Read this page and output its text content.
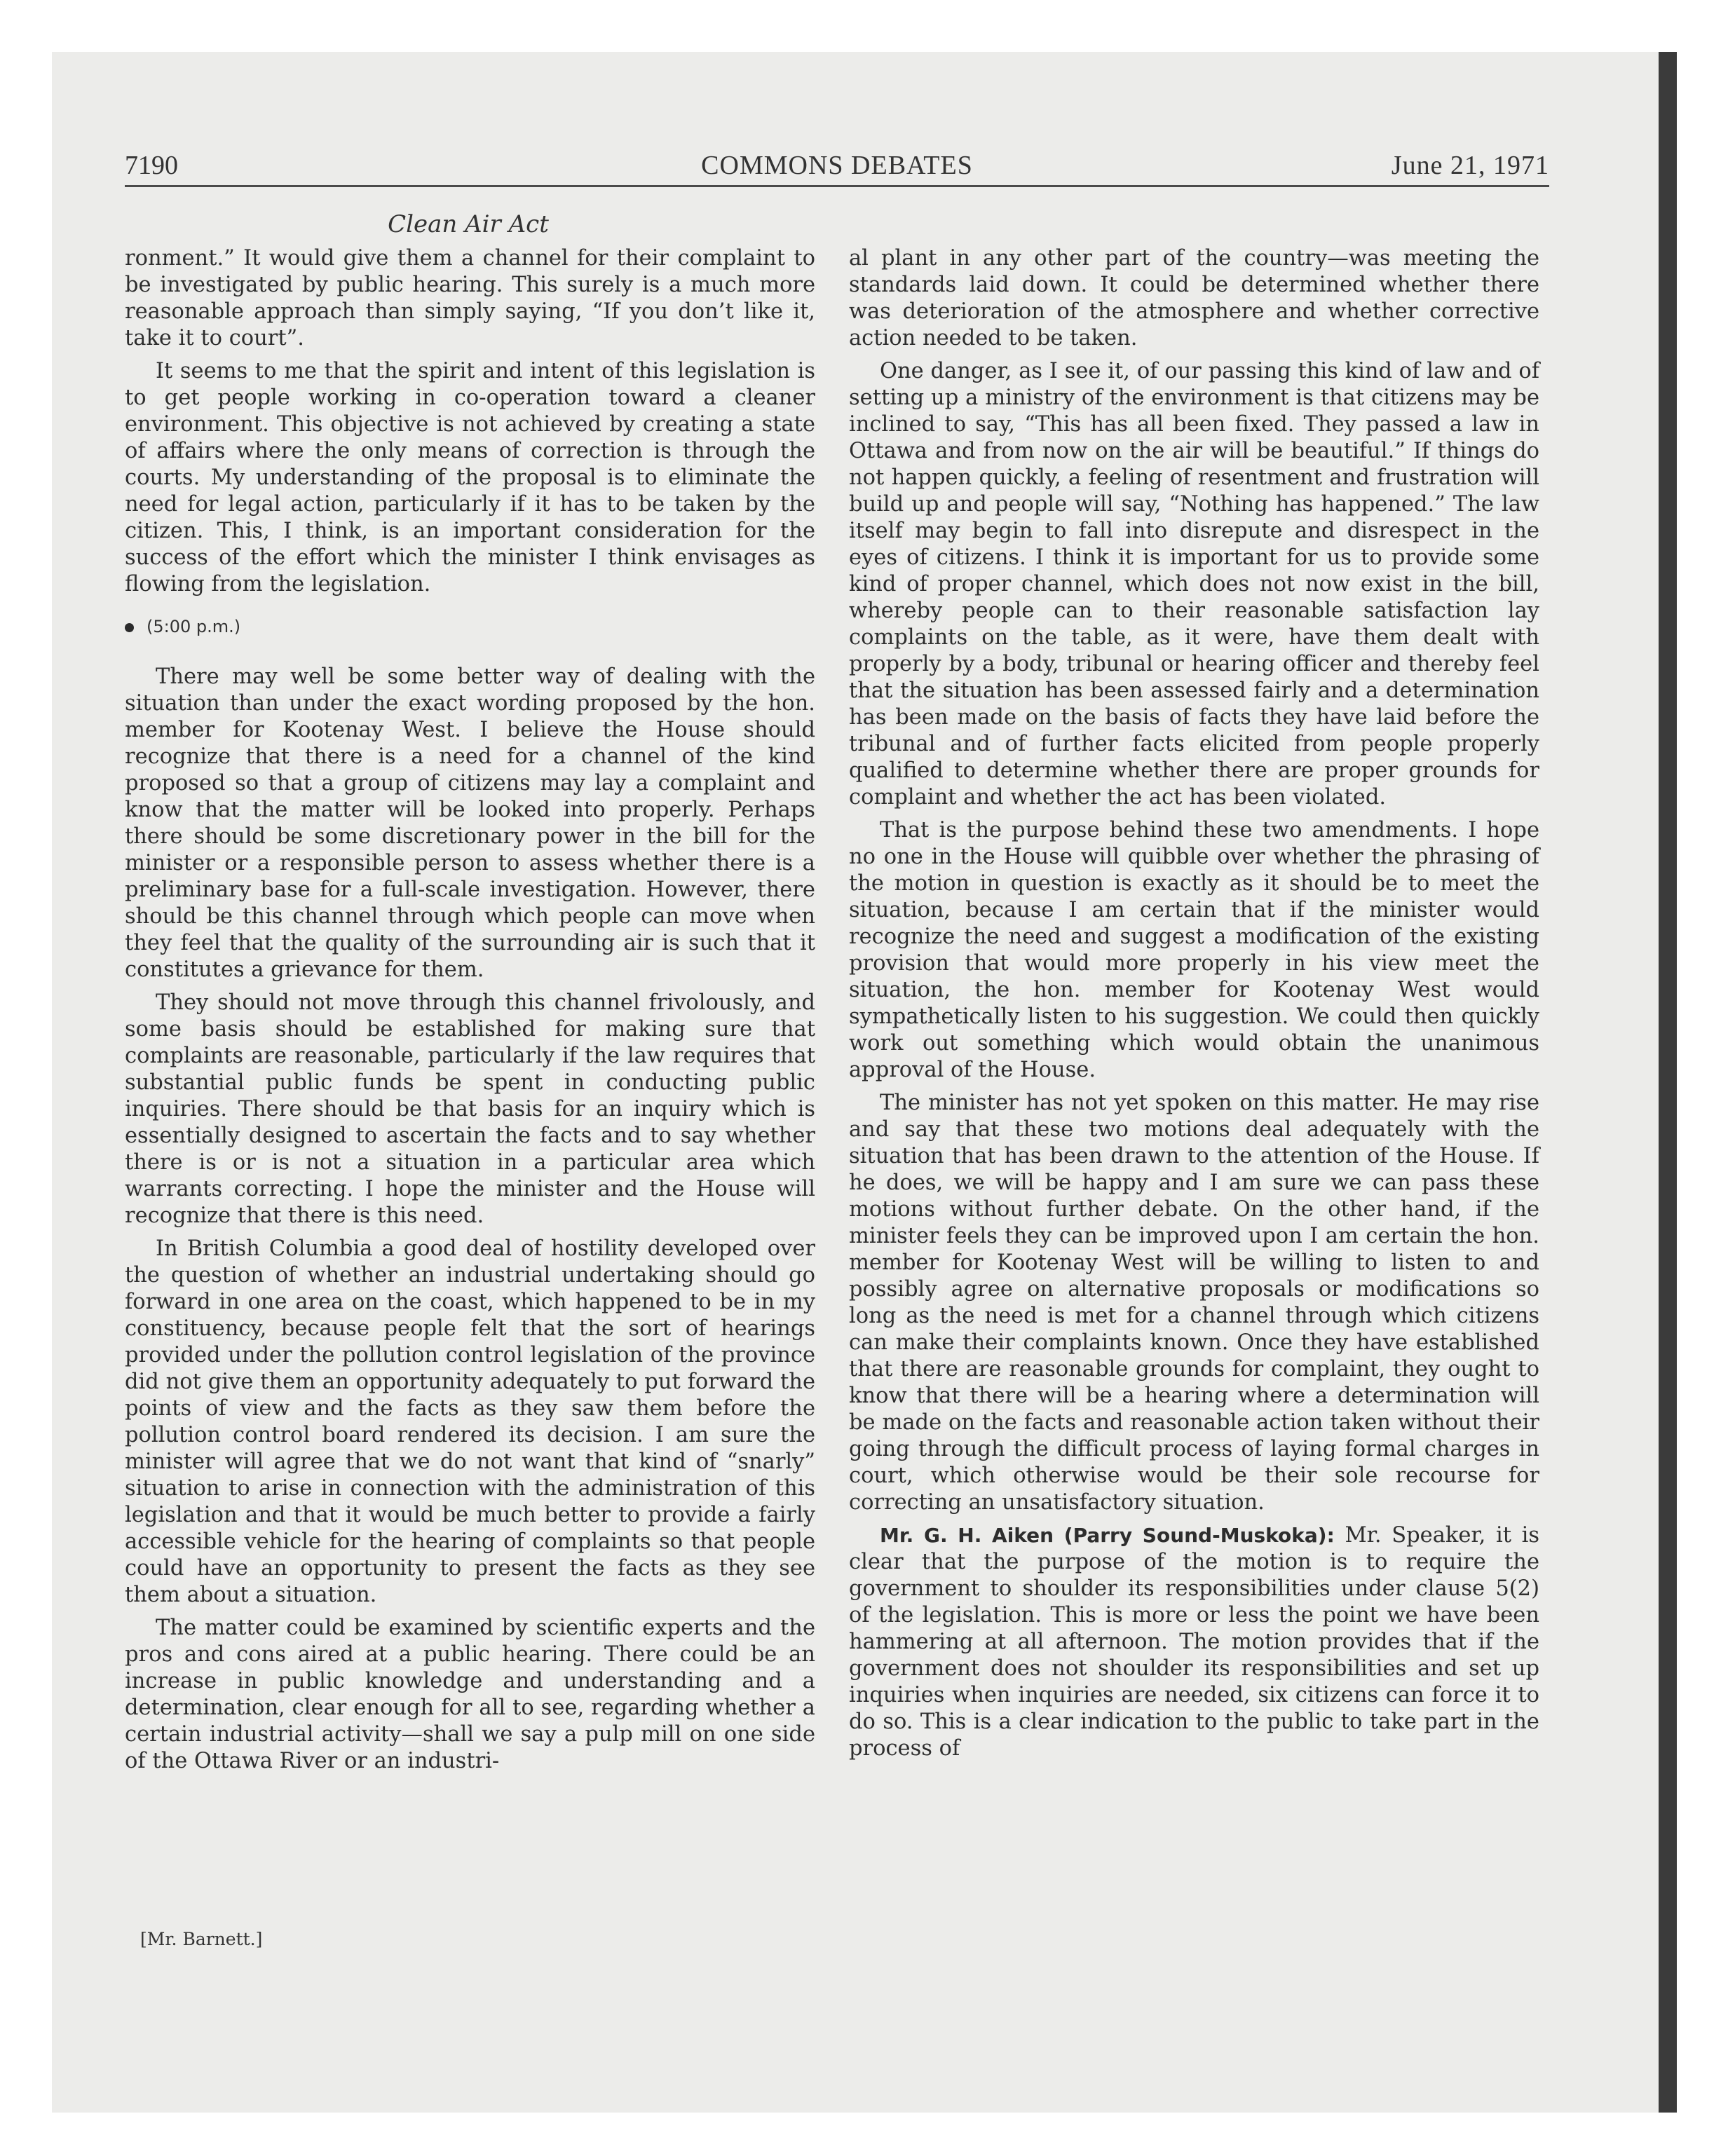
7190	COMMONS DEBATES	June 21, 1971
Clean Air Act

ronment.” It would give them a channel for their complaint to be investigated by public hearing. This surely is a much more reasonable approach than simply saying, “If you don’t like it, take it to court”.

It seems to me that the spirit and intent of this legislation is to get people working in co-operation toward a cleaner environment. This objective is not achieved by creating a state of affairs where the only means of correction is through the courts. My understanding of the proposal is to eliminate the need for legal action, particularly if it has to be taken by the citizen. This, I think, is an important consideration for the success of the effort which the minister I think envisages as flowing from the legislation.

(5:00 p.m.)

There may well be some better way of dealing with the situation than under the exact wording proposed by the hon. member for Kootenay West. I believe the House should recognize that there is a need for a channel of the kind proposed so that a group of citizens may lay a complaint and know that the matter will be looked into properly. Perhaps there should be some discretionary power in the bill for the minister or a responsible person to assess whether there is a preliminary base for a full-scale investigation. However, there should be this channel through which people can move when they feel that the quality of the surrounding air is such that it constitutes a grievance for them.

They should not move through this channel frivolously, and some basis should be established for making sure that complaints are reasonable, particularly if the law requires that substantial public funds be spent in conducting public inquiries. There should be that basis for an inquiry which is essentially designed to ascertain the facts and to say whether there is or is not a situation in a particular area which warrants correcting. I hope the minister and the House will recognize that there is this need.

In British Columbia a good deal of hostility developed over the question of whether an industrial undertaking should go forward in one area on the coast, which happened to be in my constituency, because people felt that the sort of hearings provided under the pollution control legislation of the province did not give them an opportunity adequately to put forward the points of view and the facts as they saw them before the pollution control board rendered its decision. I am sure the minister will agree that we do not want that kind of “snarly” situation to arise in connection with the administration of this legislation and that it would be much better to provide a fairly accessible vehicle for the hearing of complaints so that people could have an opportunity to present the facts as they see them about a situation.

The matter could be examined by scientific experts and the pros and cons aired at a public hearing. There could be an increase in public knowledge and understanding and a determination, clear enough for all to see, regarding whether a certain industrial activity—shall we say a pulp mill on one side of the Ottawa River or an industri-

al plant in any other part of the country—was meeting the standards laid down. It could be determined whether there was deterioration of the atmosphere and whether corrective action needed to be taken.

One danger, as I see it, of our passing this kind of law and of setting up a ministry of the environment is that citizens may be inclined to say, “This has all been fixed. They passed a law in Ottawa and from now on the air will be beautiful.” If things do not happen quickly, a feeling of resentment and frustration will build up and people will say, “Nothing has happened.” The law itself may begin to fall into disrepute and disrespect in the eyes of citizens. I think it is important for us to provide some kind of proper channel, which does not now exist in the bill, whereby people can to their reasonable satisfaction lay complaints on the table, as it were, have them dealt with properly by a body, tribunal or hearing officer and thereby feel that the situation has been assessed fairly and a determination has been made on the basis of facts they have laid before the tribunal and of further facts elicited from people properly qualified to determine whether there are proper grounds for complaint and whether the act has been violated.

That is the purpose behind these two amendments. I hope no one in the House will quibble over whether the phrasing of the motion in question is exactly as it should be to meet the situation, because I am certain that if the minister would recognize the need and suggest a modification of the existing provision that would more properly in his view meet the situation, the hon. member for Kootenay West would sympathetically listen to his suggestion. We could then quickly work out something which would obtain the unanimous approval of the House.

The minister has not yet spoken on this matter. He may rise and say that these two motions deal adequately with the situation that has been drawn to the attention of the House. If he does, we will be happy and I am sure we can pass these motions without further debate. On the other hand, if the minister feels they can be improved upon I am certain the hon. member for Kootenay West will be willing to listen to and possibly agree on alternative proposals or modifications so long as the need is met for a channel through which citizens can make their complaints known. Once they have established that there are reasonable grounds for complaint, they ought to know that there will be a hearing where a determination will be made on the facts and reasonable action taken without their going through the difficult process of laying formal charges in court, which otherwise would be their sole recourse for correcting an unsatisfactory situation.

Mr. G. H. Aiken (Parry Sound-Muskoka): Mr. Speaker, it is clear that the purpose of the motion is to require the government to shoulder its responsibilities under clause 5(2) of the legislation. This is more or less the point we have been hammering at all afternoon. The motion provides that if the government does not shoulder its responsibilities and set up inquiries when inquiries are needed, six citizens can force it to do so. This is a clear indication to the public to take part in the process of

[Mr. Barnett.]
